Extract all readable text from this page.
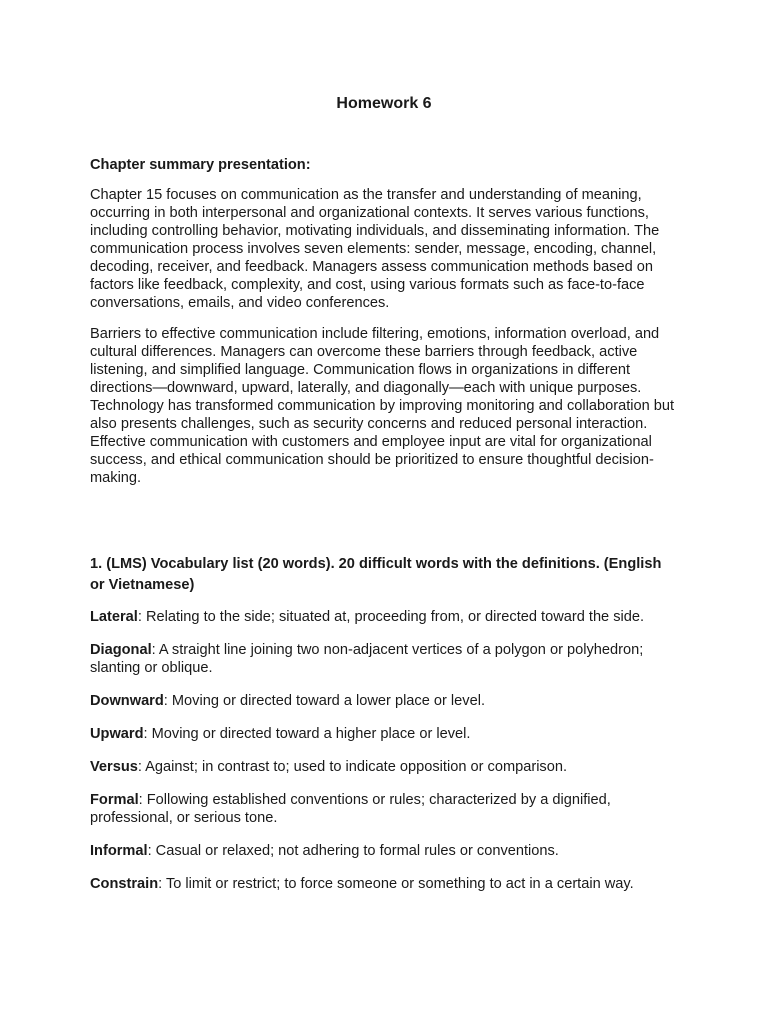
Homework 6

Chapter summary presentation:

Chapter 15 focuses on communication as the transfer and understanding of meaning, occurring in both interpersonal and organizational contexts. It serves various functions, including controlling behavior, motivating individuals, and disseminating information. The communication process involves seven elements: sender, message, encoding, channel, decoding, receiver, and feedback. Managers assess communication methods based on factors like feedback, complexity, and cost, using various formats such as face-to-face conversations, emails, and video conferences.

Barriers to effective communication include filtering, emotions, information overload, and cultural differences. Managers can overcome these barriers through feedback, active listening, and simplified language. Communication flows in organizations in different directions—downward, upward, laterally, and diagonally—each with unique purposes. Technology has transformed communication by improving monitoring and collaboration but also presents challenges, such as security concerns and reduced personal interaction. Effective communication with customers and employee input are vital for organizational success, and ethical communication should be prioritized to ensure thoughtful decision-making.

1. (LMS) Vocabulary list (20 words). 20 difficult words with the definitions. (English or Vietnamese)

Lateral: Relating to the side; situated at, proceeding from, or directed toward the side.

Diagonal: A straight line joining two non-adjacent vertices of a polygon or polyhedron; slanting or oblique.

Downward: Moving or directed toward a lower place or level.

Upward: Moving or directed toward a higher place or level.

Versus: Against; in contrast to; used to indicate opposition or comparison.

Formal: Following established conventions or rules; characterized by a dignified, professional, or serious tone.

Informal: Casual or relaxed; not adhering to formal rules or conventions.

Constrain: To limit or restrict; to force someone or something to act in a certain way.
